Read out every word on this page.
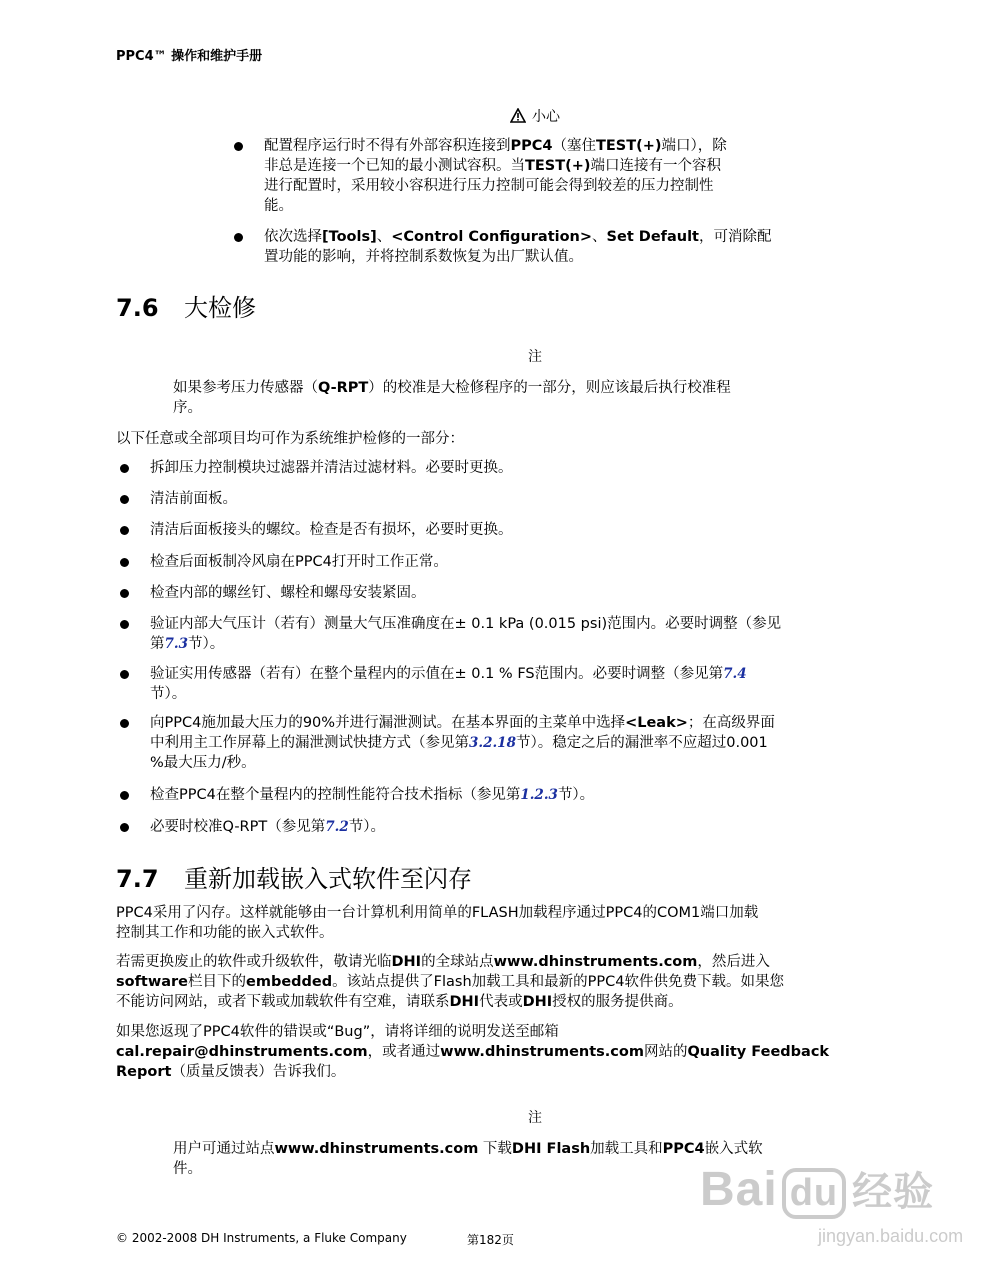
PPC4™ 操作和维护手册
小心
配置程序运行时不得有外部容积连接到PPC4（塞住TEST(+)端口），除
非总是连接一个已知的最小测试容积。当TEST(+)端口连接有一个容积
进行配置时，采用较小容积进行压力控制可能会得到较差的压力控制性
能。
依次选择[Tools]、<Control Configuration>、Set Default，可消除配
置功能的影响，并将控制系数恢复为出厂默认值。
7.6 大检修
注
如果参考压力传感器（Q-RPT）的校准是大检修程序的一部分，则应该最后执行校准程
序。
以下任意或全部项目均可作为系统维护检修的一部分：
拆卸压力控制模块过滤器并清洁过滤材料。必要时更换。
清洁前面板。
清洁后面板接头的螺纹。检查是否有损坏，必要时更换。
检查后面板制冷风扇在PPC4打开时工作正常。
检查内部的螺丝钉、螺栓和螺母安装紧固。
验证内部大气压计（若有）测量大气压准确度在± 0.1 kPa (0.015 psi)范围内。必要时调整（参见
第7.3节）。
验证实用传感器（若有）在整个量程内的示值在± 0.1 % FS范围内。必要时调整（参见第7.4
节）。
向PPC4施加最大压力的90%并进行漏泄测试。在基本界面的主菜单中选择<Leak>；在高级界面
中利用主工作屏幕上的漏泄测试快捷方式（参见第3.2.18节）。稳定之后的漏泄率不应超过0.001
%最大压力/秒。
检查PPC4在整个量程内的控制性能符合技术指标（参见第1.2.3节）。
必要时校准Q-RPT（参见第7.2节）。
7.7 重新加载嵌入式软件至闪存
PPC4采用了闪存。这样就能够由一台计算机利用简单的FLASH加载程序通过PPC4的COM1端口加载
控制其工作和功能的嵌入式软件。
若需更换废止的软件或升级软件，敬请光临DHI的全球站点www.dhinstruments.com，然后进入
software栏目下的embedded。该站点提供了Flash加载工具和最新的PPC4软件供免费下载。如果您
不能访问网站，或者下载或加载软件有空难，请联系DHI代表或DHI授权的服务提供商。
如果您返现了PPC4软件的错误或“Bug”，请将详细的说明发送至邮箱
cal.repair@dhinstruments.com，或者通过www.dhinstruments.com网站的Quality Feedback
Report（质量反馈表）告诉我们。
注
用户可通过站点www.dhinstruments.com 下载DHI Flash加载工具和PPC4嵌入式软
件。	Bai du 经验
jingyan.baidu.com
© 2002-2008 DH Instruments, a Fluke Company	第182页
